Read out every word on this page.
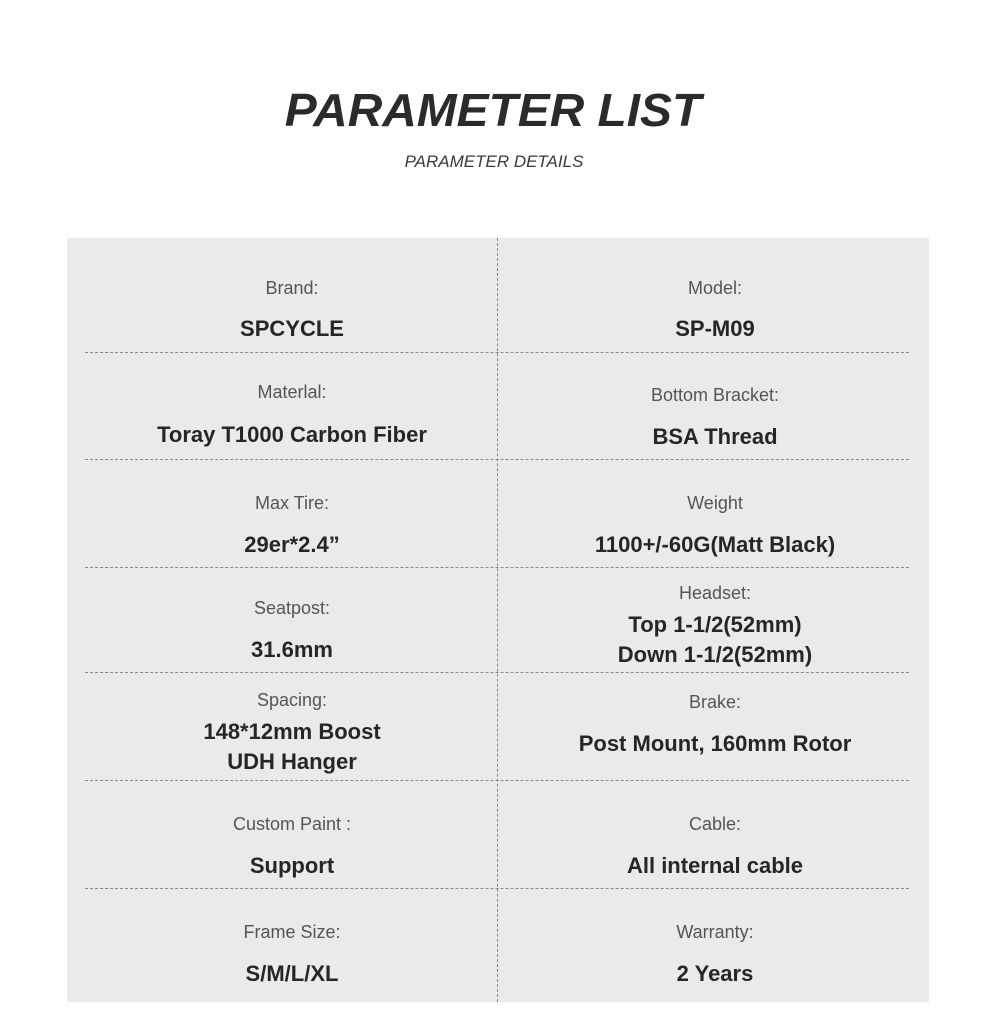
PARAMETER LIST
PARAMETER DETAILS
Brand:
SPCYCLE
Model:
SP-M09
Materlal:
Toray T1000 Carbon Fiber
Bottom Bracket:
BSA Thread
Max Tire:
29er*2.4”
Weight
1100+/-60G(Matt Black)
Seatpost:
31.6mm
Headset:
Top 1-1/2(52mm)
Down 1-1/2(52mm)
Spacing:
148*12mm Boost
UDH Hanger
Brake:
Post Mount, 160mm Rotor
Custom Paint :
Support
Cable:
All internal cable
Frame Size:
S/M/L/XL
Warranty:
2 Years
